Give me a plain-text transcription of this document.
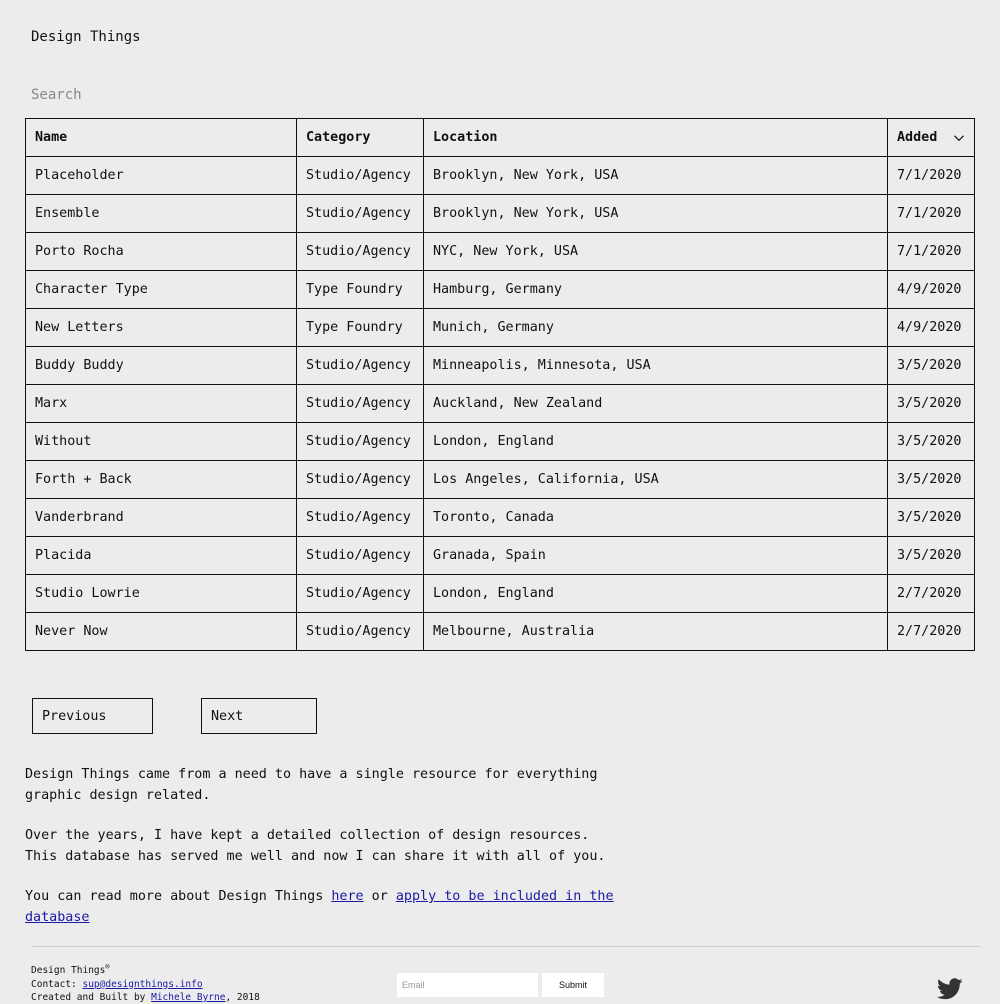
Design Things
Search
Name	Category	Location	Added

Placeholder	Studio/Agency	Brooklyn, New York, USA	7/1/2020
Ensemble	Studio/Agency	Brooklyn, New York, USA	7/1/2020
Porto Rocha	Studio/Agency	NYC, New York, USA	7/1/2020
Character Type	Type Foundry	Hamburg, Germany	4/9/2020
New Letters	Type Foundry	Munich, Germany	4/9/2020
Buddy Buddy	Studio/Agency	Minneapolis, Minnesota, USA	3/5/2020
Marx	Studio/Agency	Auckland, New Zealand	3/5/2020
Without	Studio/Agency	London, England	3/5/2020
Forth + Back	Studio/Agency	Los Angeles, California, USA	3/5/2020
Vanderbrand	Studio/Agency	Toronto, Canada	3/5/2020
Placida	Studio/Agency	Granada, Spain	3/5/2020
Studio Lowrie	Studio/Agency	London, England	2/7/2020
Never Now	Studio/Agency	Melbourne, Australia	2/7/2020
Previous	Next

Design Things came from a need to have a single resource for everything graphic design related.

Over the years, I have kept a detailed collection of design resources. This database has served me well and now I can share it with all of you.

You can read more about Design Things here or apply to be included in the database

Design Things®
Contact: sup@designthings.info
Created and Built by Michele Byrne, 2018
Email
Submit
